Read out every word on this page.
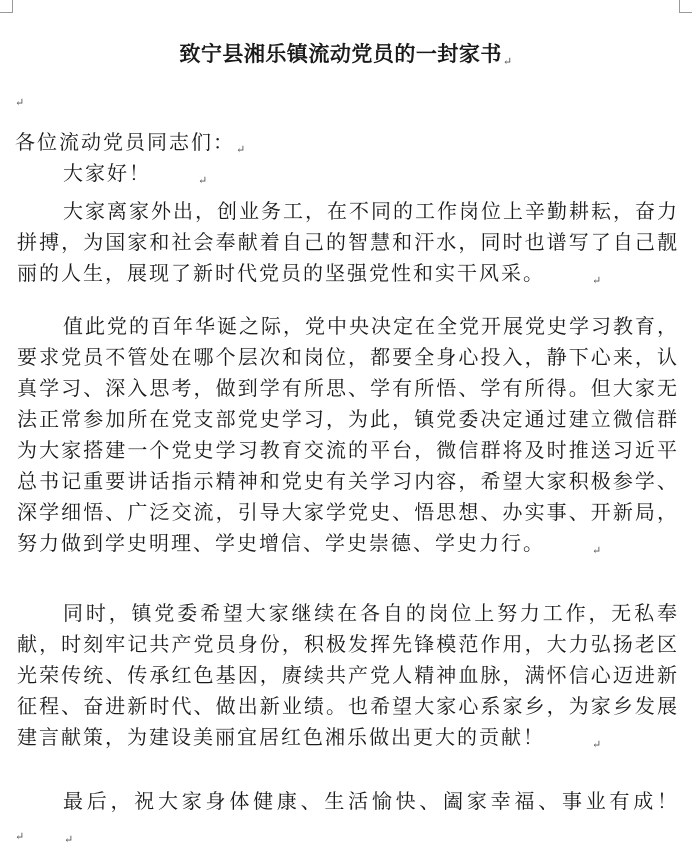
致宁县湘乐镇流动党员的一封家书↵
↵
各位流动党员同志们：↵
大家好！	↵
大家离家外出，创业务工，在不同的工作岗位上辛勤耕耘，奋力拼搏，为国家和社会奉献着自己的智慧和汗水，同时也谱写了自己靓丽的人生，展现了新时代党员的坚强党性和实干风采。	↵
值此党的百年华诞之际，党中央决定在全党开展党史学习教育，要求党员不管处在哪个层次和岗位，都要全身心投入，静下心来，认真学习、深入思考，做到学有所思、学有所悟、学有所得。但大家无法正常参加所在党支部党史学习，为此，镇党委决定通过建立微信群为大家搭建一个党史学习教育交流的平台，微信群将及时推送习近平总书记重要讲话指示精神和党史有关学习内容，希望大家积极参学、深学细悟、广泛交流，引导大家学党史、悟思想、办实事、开新局，努力做到学史明理、学史增信、学史崇德、学史力行。	↵
同时，镇党委希望大家继续在各自的岗位上努力工作，无私奉献，时刻牢记共产党员身份，积极发挥先锋模范作用，大力弘扬老区光荣传统、传承红色基因，赓续共产党人精神血脉，满怀信心迈进新征程、奋进新时代、做出新业绩。也希望大家心系家乡，为家乡发展建言献策，为建设美丽宜居红色湘乐做出更大的贡献！	↵
最后，祝大家身体健康、生活愉快、阖家幸福、事业有成！↵
↵
